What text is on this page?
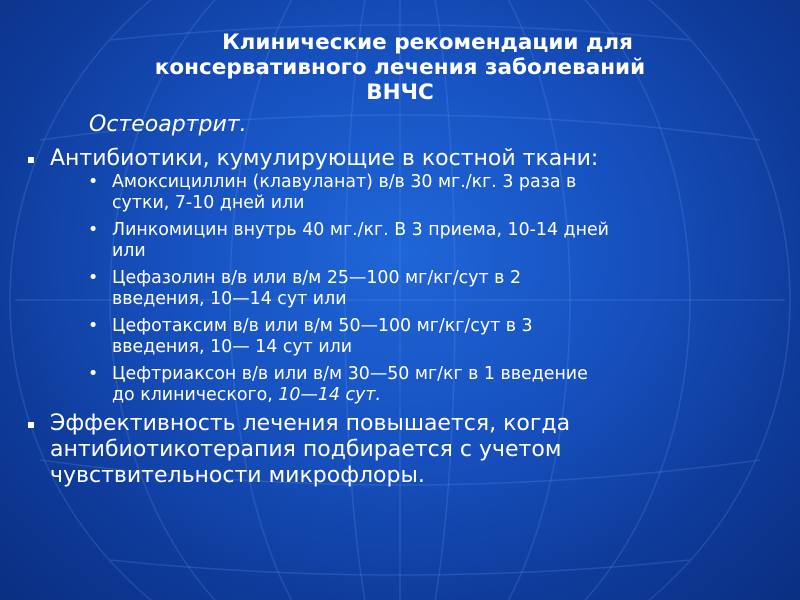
Клинические рекомендации для
консервативного лечения заболеваний
ВНЧС
Остеоартрит.
Антибиотики, кумулирующие в костной ткани:
• Амоксициллин (клавуланат) в/в 30 мг./кг. 3 раза в
сутки, 7-10 дней или
• Линкомицин внутрь 40 мг./кг. В 3 приема, 10-14 дней
или
• Цефазолин в/в или в/м 25—100 мг/кг/сут в 2
введения, 10—14 сут или
• Цефотаксим в/в или в/м 50—100 мг/кг/сут в 3
введения, 10— 14 сут или
• Цефтриаксон в/в или в/м 30—50 мг/кг в 1 введение
до клинического, 10—14 сут.
Эффективность лечения повышается, когда
антибиотикотерапия подбирается с учетом
чувствительности микрофлоры.
